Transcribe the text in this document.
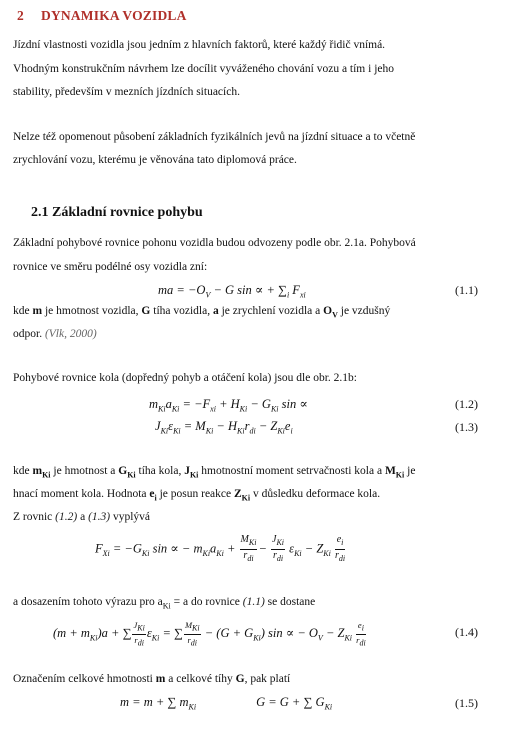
2 DYNAMIKA VOZIDLA
Jízdní vlastnosti vozidla jsou jedním z hlavních faktorů, které každý řidič vnímá.
Vhodným konstrukčním návrhem lze docílit vyváženého chování vozu a tím i jeho
stability, především v mezních jízdních situacích.
Nelze též opomenout působení základních fyzikálních jevů na jízdní situace a to včetně
zrychlování vozu, kterému je věnována tato diplomová práce.
2.1 Základní rovnice pohybu
Základní pohybové rovnice pohonu vozidla budou odvozeny podle obr. 2.1a. Pohybová
rovnice ve směru podélné osy vozidla zní:
ma = $-O_V - G$ sin ∝ + $\sum_i$ $F_{xi}$	(1.1)
kde m je hmotnost vozidla, G tíha vozidla, a je zrychlení vozidla a $O_V$ je vzdušný
odpor. (Vlk, 2000)
Pohybové rovnice kola (dopředný pohyb a otáčení kola) jsou dle obr. 2.1b:
$m_{Ki}a_{Ki} = -F_{xi} + H_{Ki} - G_{Ki}$ sin ∝	(1.2)
$J_{Ki}\varepsilon_{Ki} = M_{Ki} - H_{Ki}r_{di} - Z_{Ki}e_i$	(1.3)
kde $m_{Ki}$ je hmotnost a $G_{Ki}$ tíha kola, $J_{Ki}$ hmotnostní moment setrvačnosti kola a $M_{Ki}$ je
hnací moment kola. Hodnota $e_i$ je posun reakce $Z_{Ki}$ v důsledku deformace kola.
Z rovnic (1.2) a (1.3) vyplývá
$F_{Xi} = -G_{Ki}$ sin ∝ − $m_{Ki}a_{Ki} + \frac{M_{Ki}}{r_{di}} - \frac{J_{Ki}}{r_{di}} \varepsilon_{Ki} - Z_{Ki} \frac{e_i}{r_{di}}$
a dosazením tohoto výrazu pro $a_{Ki} = a$ do rovnice (1.1) se dostane
$(m + m_{Ki})a$ + ∑ $\frac{J_{Ki}}{r_{di}} \varepsilon_{Ki}$ = ∑ $\frac{M_{Ki}}{r_{di}} - (G + G_{Ki}) \sin$ ∝ − $O_V - Z_{Ki} \frac{e_i}{r_{di}}$	(1.4)
Označením celkové hmotnosti m a celkové tíhy G, pak platí
m = m + ∑ $m_{Ki}$	G = G + ∑ $G_{Ki}$	(1.5)
